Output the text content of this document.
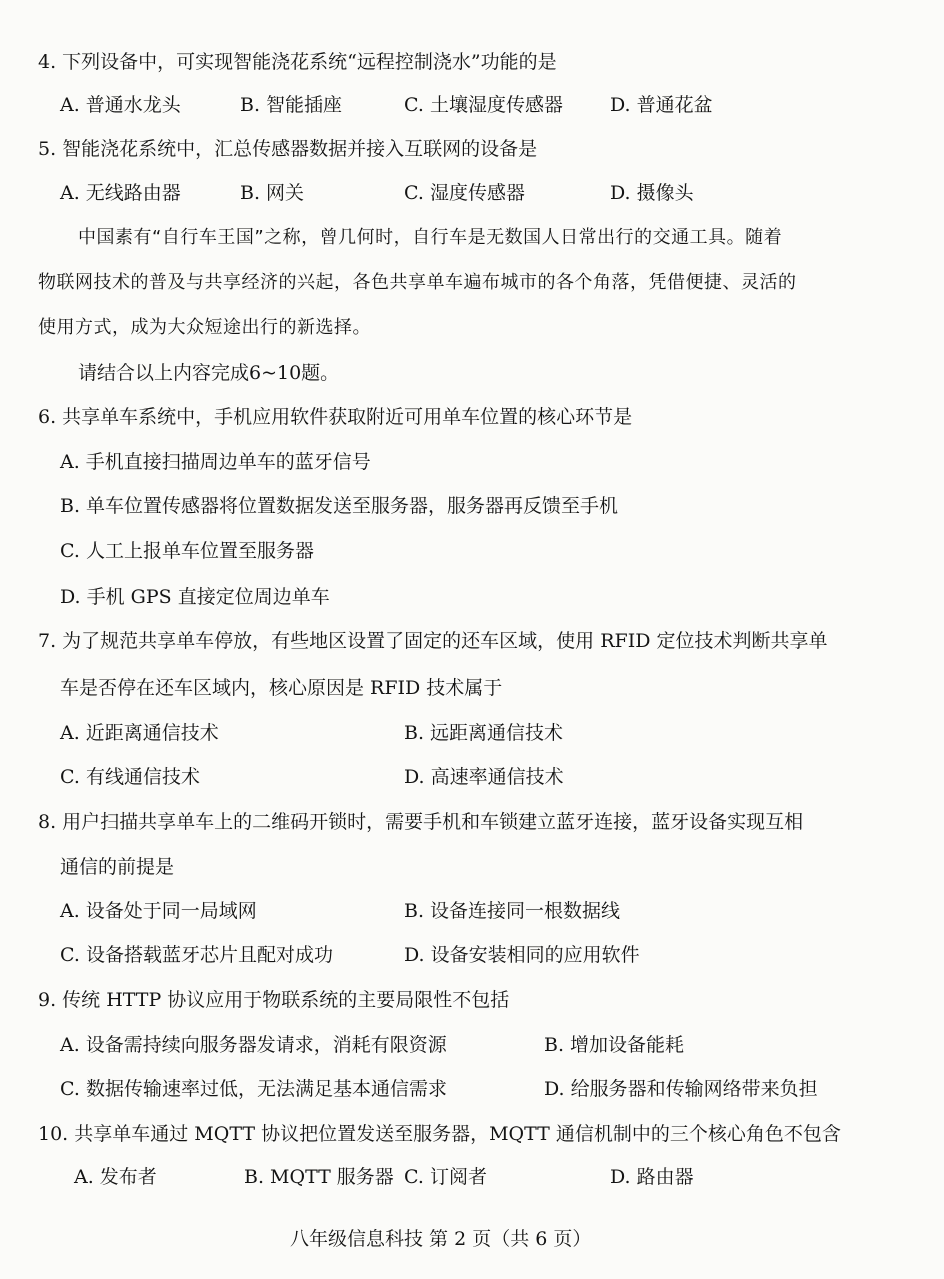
4. 下列设备中，可实现智能浇花系统“远程控制浇水”功能的是
A. 普通水龙头	B. 智能插座	C. 土壤湿度传感器 D. 普通花盆
5. 智能浇花系统中，汇总传感器数据并接入互联网的设备是
A. 无线路由器	B. 网关	C. 湿度传感器	D. 摄像头
中国素有“自行车王国”之称，曾几何时，自行车是无数国人日常出行的交通工具。随着
物联网技术的普及与共享经济的兴起，各色共享单车遍布城市的各个角落，凭借便捷、灵活的
使用方式，成为大众短途出行的新选择。
请结合以上内容完成6~10题。
6. 共享单车系统中，手机应用软件获取附近可用单车位置的核心环节是
A. 手机直接扫描周边单车的蓝牙信号
B. 单车位置传感器将位置数据发送至服务器，服务器再反馈至手机
C. 人工上报单车位置至服务器
D. 手机 GPS 直接定位周边单车
7. 为了规范共享单车停放，有些地区设置了固定的还车区域，使用 RFID 定位技术判断共享单
车是否停在还车区域内，核心原因是 RFID 技术属于
A. 近距离通信技术	B. 远距离通信技术
C. 有线通信技术	D. 高速率通信技术
8. 用户扫描共享单车上的二维码开锁时，需要手机和车锁建立蓝牙连接，蓝牙设备实现互相
通信的前提是
A. 设备处于同一局域网	B. 设备连接同一根数据线
C. 设备搭载蓝牙芯片且配对成功	D. 设备安装相同的应用软件
9. 传统 HTTP 协议应用于物联系统的主要局限性不包括
A. 设备需持续向服务器发请求，消耗有限资源	B. 增加设备能耗
C. 数据传输速率过低，无法满足基本通信需求	D. 给服务器和传输网络带来负担
10. 共享单车通过 MQTT 协议把位置发送至服务器，MQTT 通信机制中的三个核心角色不包含
A. 发布者	B. MQTT 服务器 C. 订阅者	D. 路由器
八年级信息科技 第 2 页（共 6 页）
